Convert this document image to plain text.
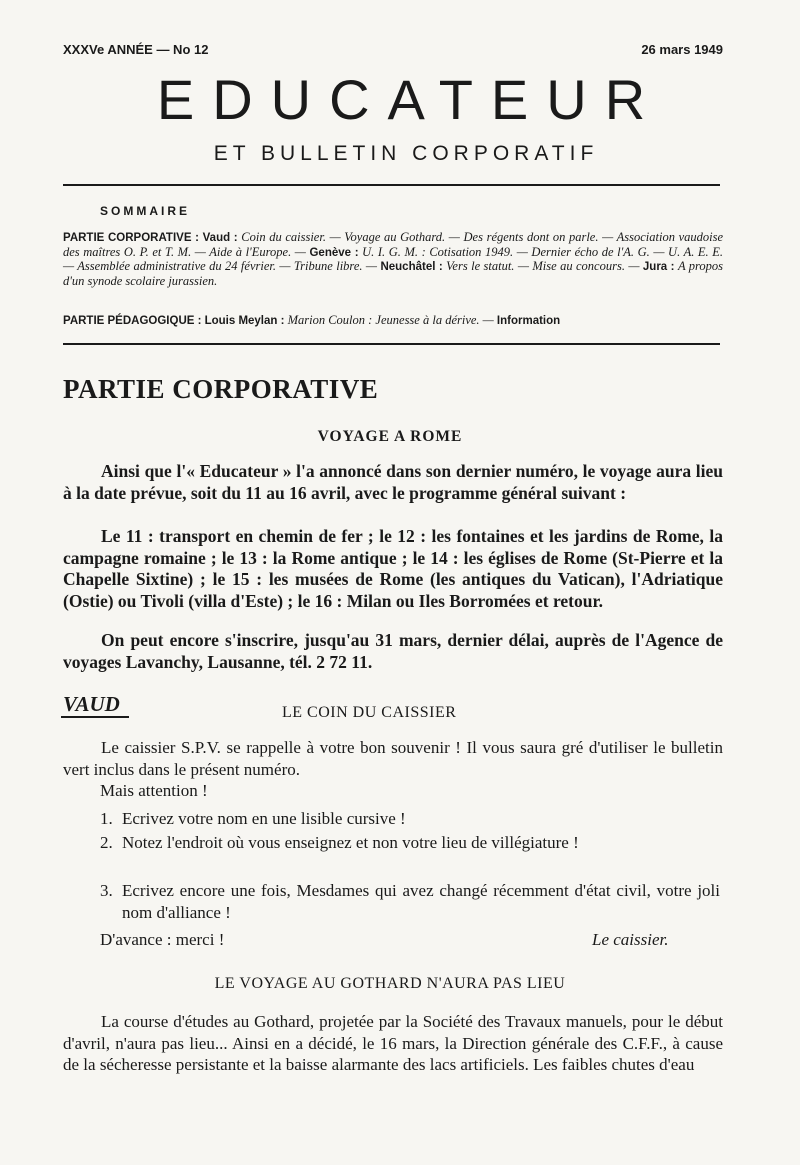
XXXVe ANNÉE — No 12	26 mars 1949
EDUCATEUR
ET BULLETIN CORPORATIF
SOMMAIRE
PARTIE CORPORATIVE : Vaud : Coin du caissier. — Voyage au Gothard. — Des régents dont on parle. — Association vaudoise des maîtres O. P. et T. M. — Aide à l'Europe. — Genève : U. I. G. M. : Cotisation 1949. — Dernier écho de l'A. G. — U. A. E. E. — Assemblée administrative du 24 février. — Tribune libre. — Neuchâtel : Vers le statut. — Mise au concours. — Jura : A propos d'un synode scolaire jurassien.
PARTIE PÉDAGOGIQUE : Louis Meylan : Marion Coulon : Jeunesse à la dérive. — Information
PARTIE CORPORATIVE
VOYAGE A ROME
Ainsi que l'« Educateur » l'a annoncé dans son dernier numéro, le voyage aura lieu à la date prévue, soit du 11 au 16 avril, avec le programme général suivant :
Le 11 : transport en chemin de fer ; le 12 : les fontaines et les jardins de Rome, la campagne romaine ; le 13 : la Rome antique ; le 14 : les églises de Rome (St-Pierre et la Chapelle Sixtine) ; le 15 : les musées de Rome (les antiques du Vatican), l'Adriatique (Ostie) ou Tivoli (villa d'Este) ; le 16 : Milan ou Iles Borromées et retour.
On peut encore s'inscrire, jusqu'au 31 mars, dernier délai, auprès de l'Agence de voyages Lavanchy, Lausanne, tél. 2 72 11.
VAUD	LE COIN DU CAISSIER
Le caissier S.P.V. se rappelle à votre bon souvenir ! Il vous saura gré d'utiliser le bulletin vert inclus dans le présent numéro.
Mais attention !
1. Ecrivez votre nom en une lisible cursive !
2. Notez l'endroit où vous enseignez et non votre lieu de villégiature !
3. Ecrivez encore une fois, Mesdames qui avez changé récemment d'état civil, votre joli nom d'alliance !
D'avance : merci !	Le caissier.
LE VOYAGE AU GOTHARD N'AURA PAS LIEU
La course d'études au Gothard, projetée par la Société des Travaux manuels, pour le début d'avril, n'aura pas lieu... Ainsi en a décidé, le 16 mars, la Direction générale des C.F.F., à cause de la sécheresse persistante et la baisse alarmante des lacs artificiels. Les faibles chutes d'eau
